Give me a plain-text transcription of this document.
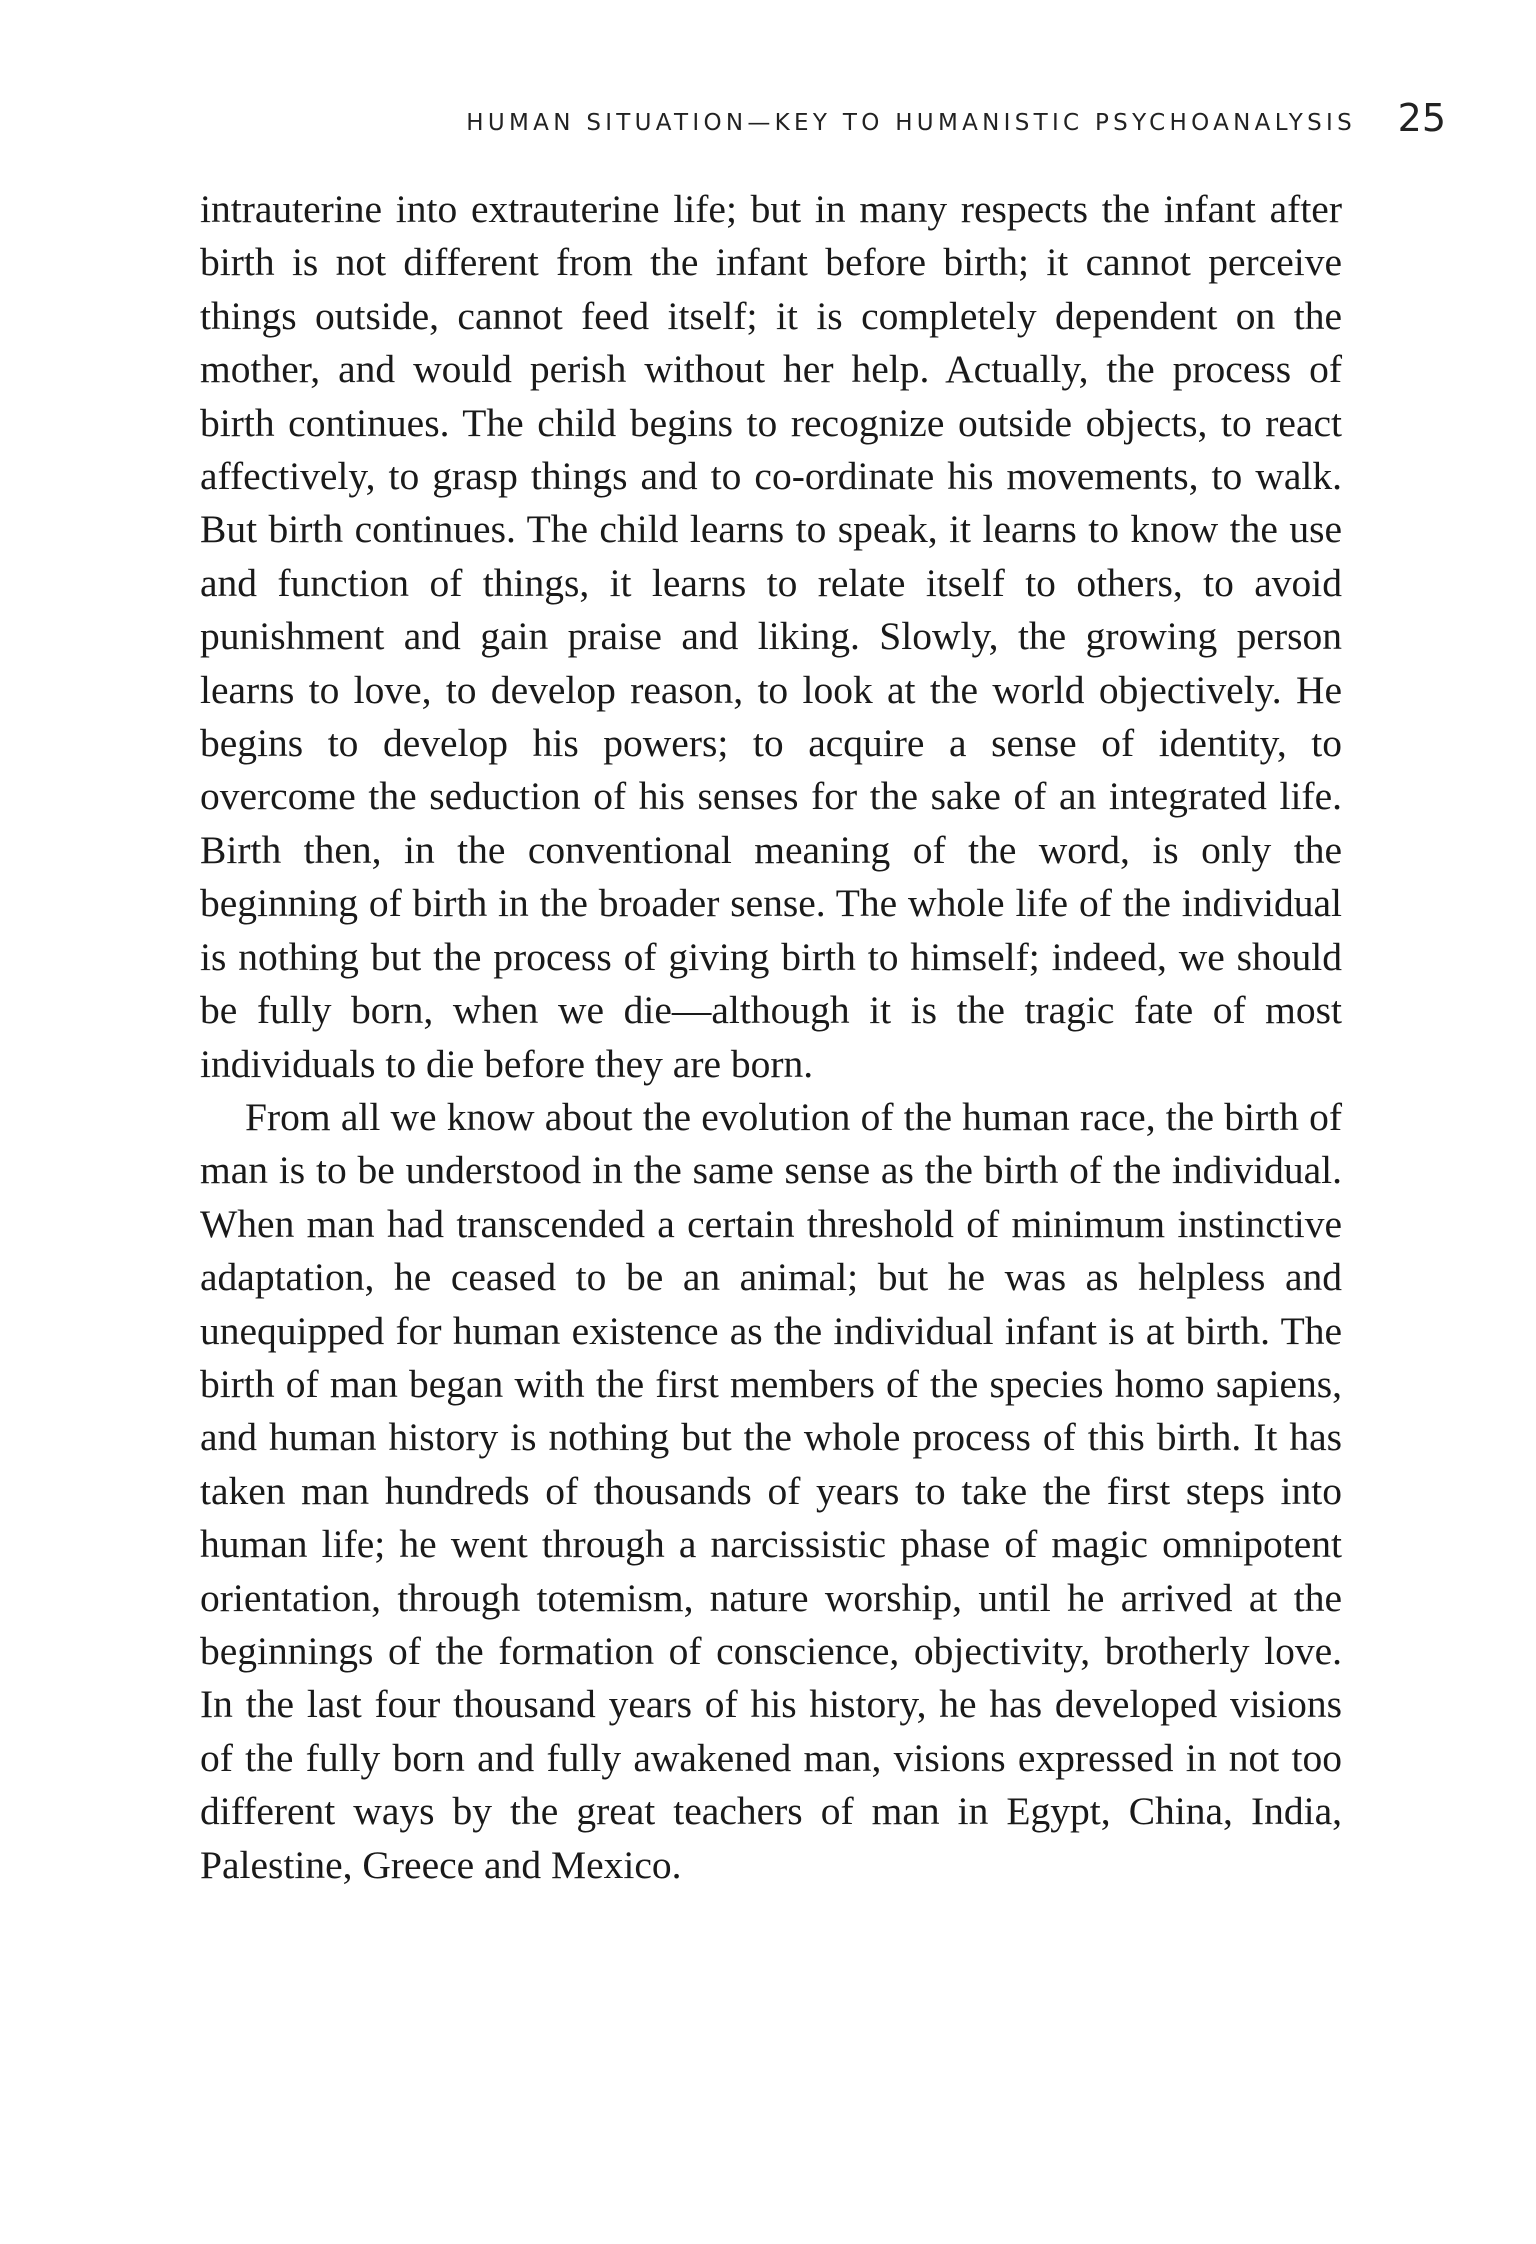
HUMAN SITUATION—KEY TO HUMANISTIC PSYCHOANALYSIS 25

intrauterine into extrauterine life; but in many respects the infant after birth is not different from the infant before birth; it cannot perceive things outside, cannot feed itself; it is completely dependent on the mother, and would perish without her help. Actually, the process of birth continues. The child begins to recognize outside objects, to react affectively, to grasp things and to co-ordinate his movements, to walk. But birth continues. The child learns to speak, it learns to know the use and function of things, it learns to relate itself to others, to avoid punishment and gain praise and liking. Slowly, the growing person learns to love, to develop reason, to look at the world objectively. He begins to develop his powers; to acquire a sense of identity, to overcome the seduction of his senses for the sake of an integrated life. Birth then, in the conventional meaning of the word, is only the beginning of birth in the broader sense. The whole life of the individual is nothing but the process of giving birth to himself; indeed, we should be fully born, when we die—although it is the tragic fate of most individuals to die before they are born.

From all we know about the evolution of the human race, the birth of man is to be understood in the same sense as the birth of the individual. When man had transcended a certain threshold of minimum instinctive adaptation, he ceased to be an animal; but he was as helpless and unequipped for human existence as the individual infant is at birth. The birth of man began with the first members of the species homo sapiens, and human history is nothing but the whole process of this birth. It has taken man hundreds of thousands of years to take the first steps into human life; he went through a narcissistic phase of magic omnipotent orientation, through totemism, nature worship, until he arrived at the beginnings of the formation of conscience, objectivity, brotherly love. In the last four thousand years of his history, he has developed visions of the fully born and fully awakened man, visions expressed in not too different ways by the great teachers of man in Egypt, China, India, Palestine, Greece and Mexico.
